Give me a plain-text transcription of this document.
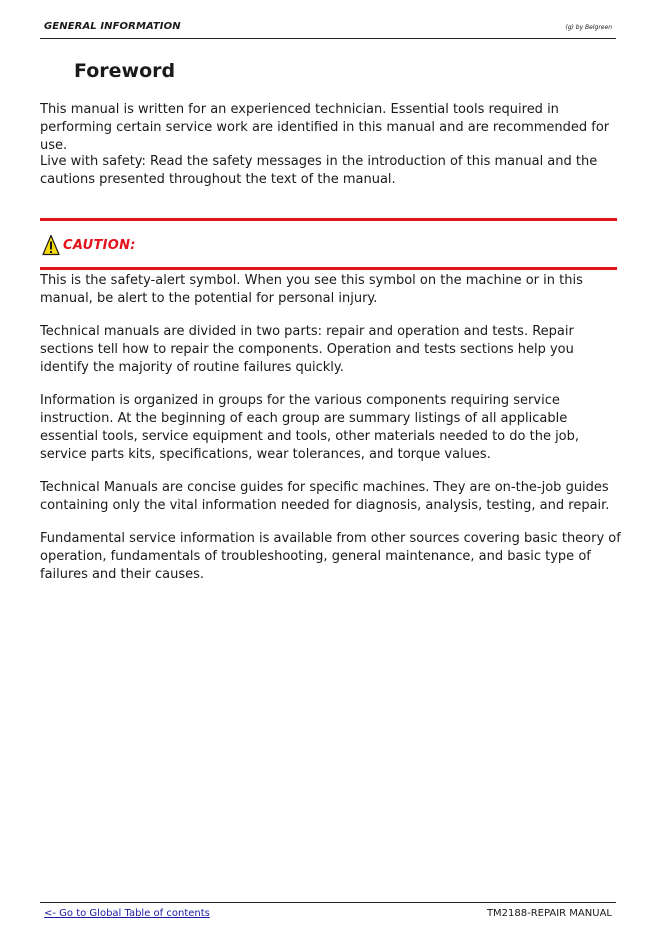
GENERAL INFORMATION	(g) by Belgreen
Foreword

This manual is written for an experienced technician. Essential tools required in performing certain service work are identified in this manual and are recommended for use.

Live with safety: Read the safety messages in the introduction of this manual and the cautions presented throughout the text of the manual.

CAUTION:

This is the safety-alert symbol. When you see this symbol on the machine or in this manual, be alert to the potential for personal injury.

Technical manuals are divided in two parts: repair and operation and tests. Repair sections tell how to repair the components. Operation and tests sections help you identify the majority of routine failures quickly.

Information is organized in groups for the various components requiring service instruction. At the beginning of each group are summary listings of all applicable essential tools, service equipment and tools, other materials needed to do the job, service parts kits, specifications, wear tolerances, and torque values.

Technical Manuals are concise guides for specific machines. They are on-the-job guides containing only the vital information needed for diagnosis, analysis, testing, and repair.

Fundamental service information is available from other sources covering basic theory of operation, fundamentals of troubleshooting, general maintenance, and basic type of failures and their causes.

<- Go to Global Table of contents	TM2188-REPAIR MANUAL
